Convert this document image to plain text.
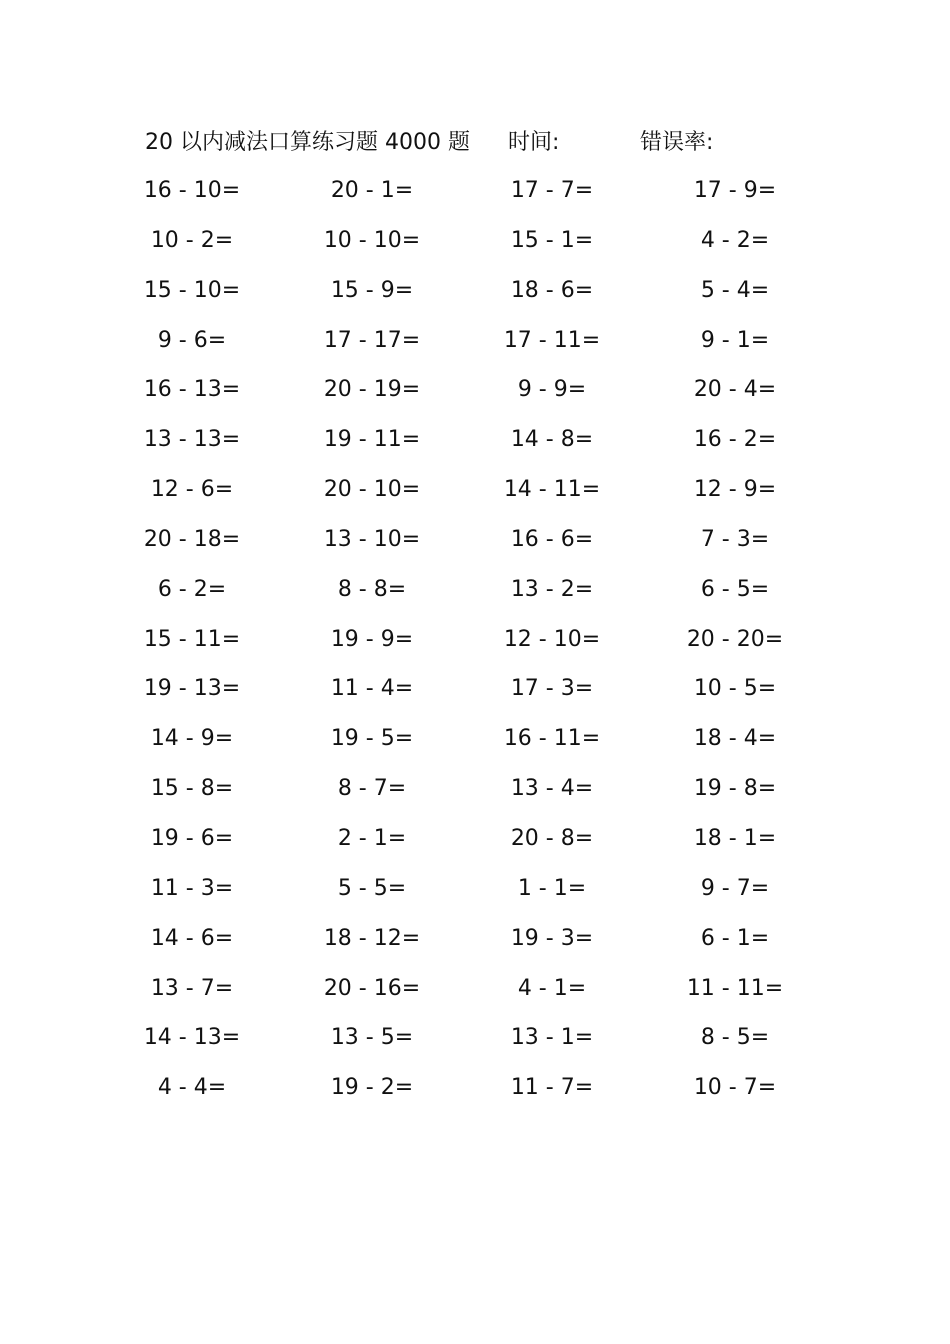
20 以内减法口算练习题 4000 题 时间:	错误率:
16 - 10=	20 - 1=	17 - 7=	17 - 9=
10 - 2=	10 - 10=	15 - 1=	4 - 2=
15 - 10=	15 - 9=	18 - 6=	5 - 4=
9 - 6=	17 - 17=	17 - 11=	9 - 1=
16 - 13=	20 - 19=	9 - 9=	20 - 4=
13 - 13=	19 - 11=	14 - 8=	16 - 2=
12 - 6=	20 - 10=	14 - 11=	12 - 9=
20 - 18=	13 - 10=	16 - 6=	7 - 3=
6 - 2=	8 - 8=	13 - 2=	6 - 5=
15 - 11=	19 - 9=	12 - 10=	20 - 20=
19 - 13=	11 - 4=	17 - 3=	10 - 5=
14 - 9=	19 - 5=	16 - 11=	18 - 4=
15 - 8=	8 - 7=	13 - 4=	19 - 8=
19 - 6=	2 - 1=	20 - 8=	18 - 1=
11 - 3=	5 - 5=	1 - 1=	9 - 7=
14 - 6=	18 - 12=	19 - 3=	6 - 1=
13 - 7=	20 - 16=	4 - 1=	11 - 11=
14 - 13=	13 - 5=	13 - 1=	8 - 5=
4 - 4=	19 - 2=	11 - 7=	10 - 7=
